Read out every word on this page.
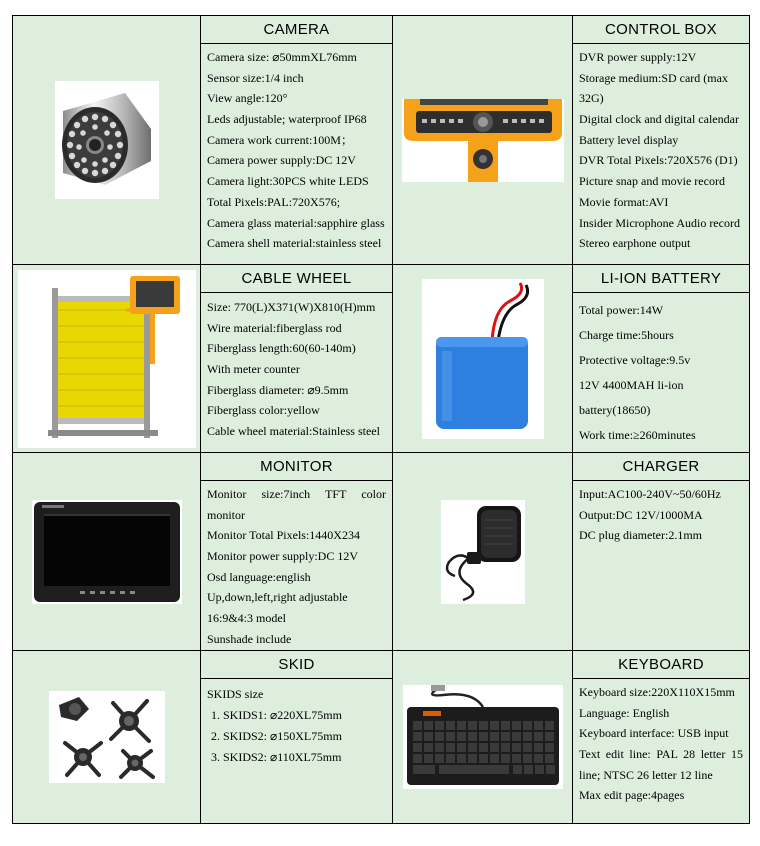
CAMERA
Camera size: ⌀50mmXL76mm
Sensor size:1/4 inch
View angle:120°
Leds adjustable; waterproof IP68
Camera work current:100M；
Camera power supply:DC 12V
Camera light:30PCS white LEDS
Total Pixels:PAL:720X576;
Camera glass material:sapphire glass
Camera shell material:stainless steel
CONTROL BOX
DVR power supply:12V
Storage medium:SD card (max
32G)
Digital clock and digital calendar
Battery level display
DVR Total Pixels:720X576 (D1)
Picture snap and movie record
Movie format:AVI
Insider Microphone Audio record
Stereo earphone output
CABLE WHEEL
Size: 770(L)X371(W)X810(H)mm
Wire material:fiberglass rod
Fiberglass length:60(60-140m)
With meter counter
Fiberglass diameter: ⌀9.5mm
Fiberglass color:yellow
Cable wheel material:Stainless steel
LI-ION BATTERY
Total power:14W
Charge time:5hours
Protective voltage:9.5v
12V 4400MAH li-ion
battery(18650)
Work time:≥260minutes
MONITOR
Monitor size:7inch TFT color
monitor
Monitor Total Pixels:1440X234
Monitor power supply:DC 12V
Osd language:english
Up,down,left,right adjustable
16:9&4:3 model
Sunshade include
CHARGER
Input:AC100-240V~50/60Hz
Output:DC 12V/1000MA
DC plug diameter:2.1mm
SKID
SKIDS size
1. SKIDS1: ⌀220XL75mm
2. SKIDS2: ⌀150XL75mm
3. SKIDS2: ⌀110XL75mm
KEYBOARD
Keyboard size:220X110X15mm
Language: English
Keyboard interface: USB input
Text edit line: PAL 28 letter 15
line; NTSC 26 letter 12 line
Max edit page:4pages
